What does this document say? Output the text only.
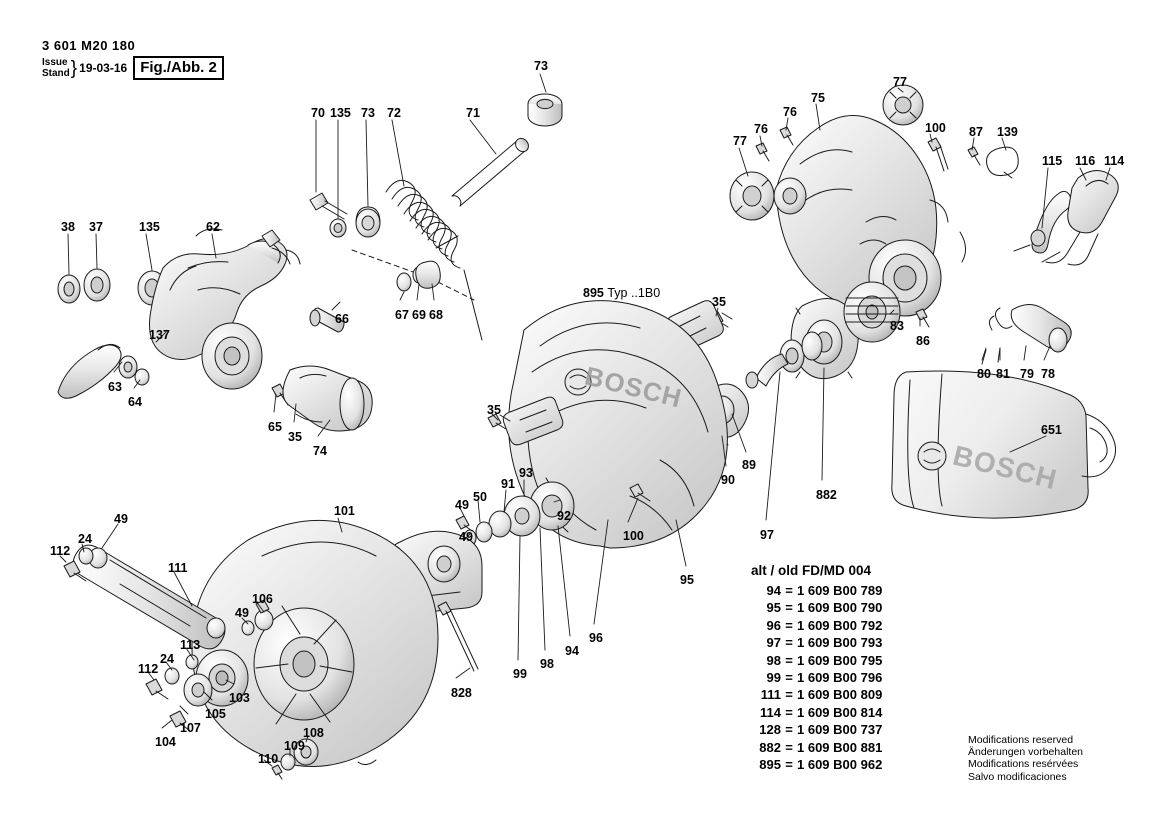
BOSCH
BOSCH
3 601 M20 180
Issue
Stand } 19-03-16 Fig./Abb. 2
895 Typ ..1B0
73
77
75
76
70 135 73 72	71
100 87 139
76
77
115 116 114
38 37	135	62
67 69 68
137
66
63
64
65
35
74
35
83
86
80 81 79 78
651
35
90
89
882
97
100
95
91
93
92
49
50
49
101
49
24
112
111
106
49
113
24
112
103
105
107
104
108
109
110
828
99
98
94
96
alt / old FD/MD 004
94 = 1 609 B00 789
95 = 1 609 B00 790
96 = 1 609 B00 792
97 = 1 609 B00 793
98 = 1 609 B00 795
99 = 1 609 B00 796
111 = 1 609 B00 809
114 = 1 609 B00 814
128 = 1 609 B00 737
882 = 1 609 B00 881
895 = 1 609 B00 962
Modifications reserved
Änderungen vorbehalten
Modifications resérvées
Salvo modificaciones
